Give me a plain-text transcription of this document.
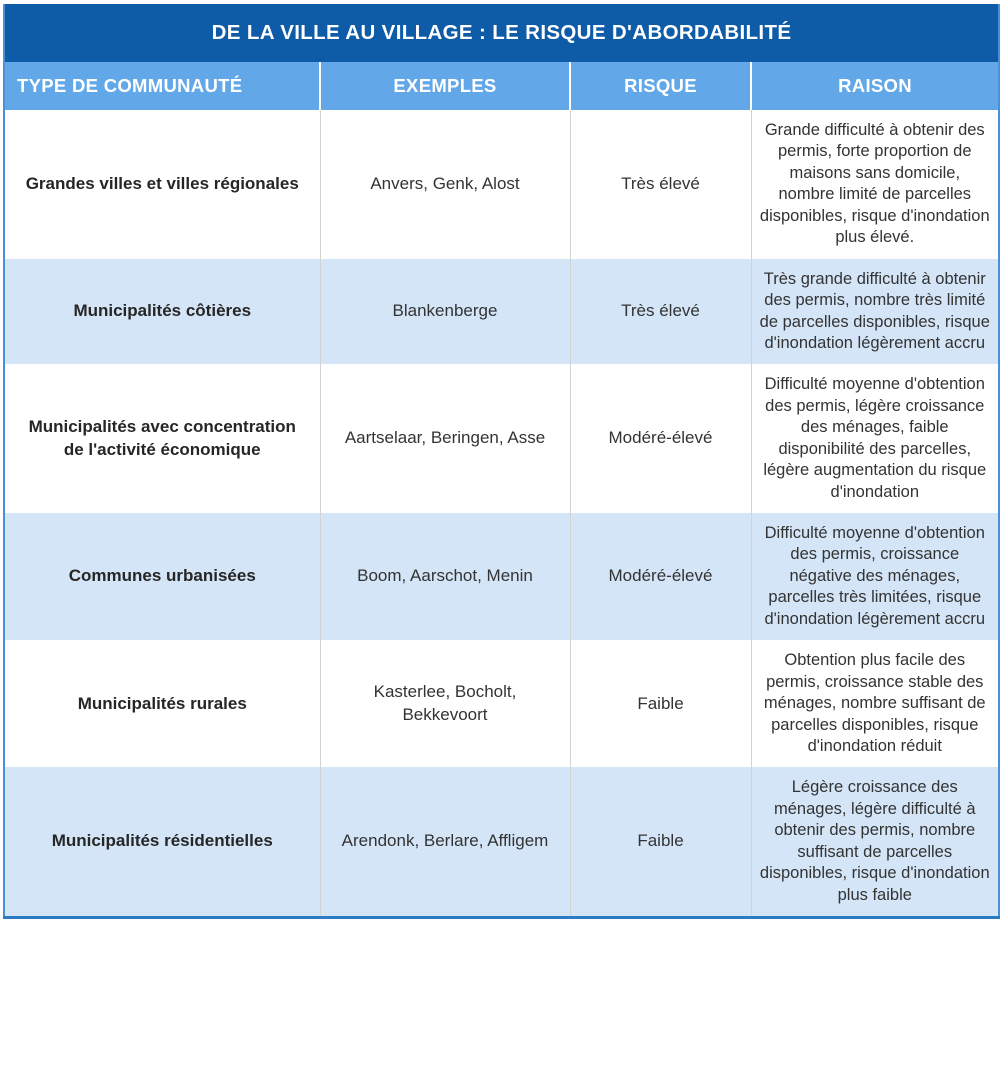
DE LA VILLE AU VILLAGE : LE RISQUE D'ABORDABILITÉ			
TYPE DE COMMUNAUTÉ	EXEMPLES	RISQUE	RAISON
Grandes villes et villes régionales	Anvers, Genk, Alost	Très élevé	Grande difficulté à obtenir des permis, forte proportion de maisons sans domicile, nombre limité de parcelles disponibles, risque d'inondation plus élevé.
Municipalités côtières	Blankenberge	Très élevé	Très grande difficulté à obtenir des permis, nombre très limité de parcelles disponibles, risque d'inondation légèrement accru
Municipalités avec concentration de l'activité économique	Aartselaar, Beringen, Asse	Modéré-élevé	Difficulté moyenne d'obtention des permis, légère croissance des ménages, faible disponibilité des parcelles, légère augmentation du risque d'inondation
Communes urbanisées	Boom, Aarschot, Menin	Modéré-élevé	Difficulté moyenne d'obtention des permis, croissance négative des ménages, parcelles très limitées, risque d'inondation légèrement accru
Municipalités rurales	Kasterlee, Bocholt, Bekkevoort	Faible	Obtention plus facile des permis, croissance stable des ménages, nombre suffisant de parcelles disponibles, risque d'inondation réduit
Municipalités résidentielles	Arendonk, Berlare, Affligem	Faible	Légère croissance des ménages, légère difficulté à obtenir des permis, nombre suffisant de parcelles disponibles, risque d'inondation plus faible
